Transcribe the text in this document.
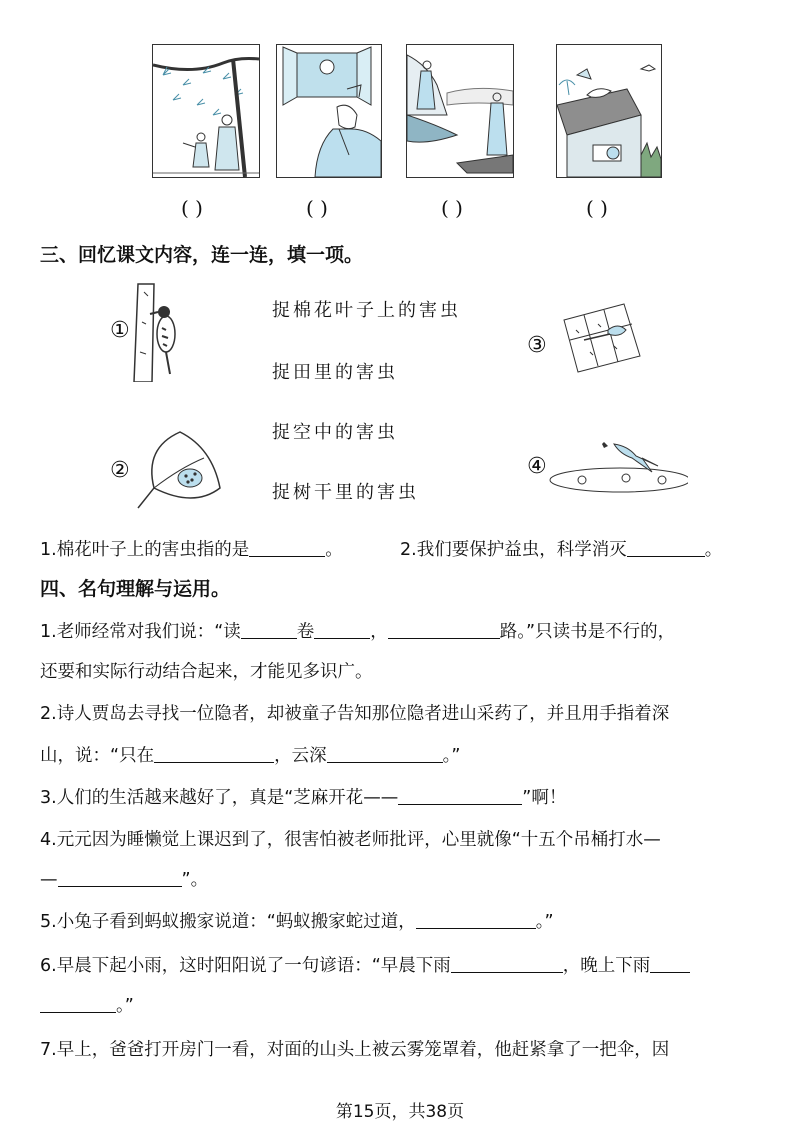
( )	( )	( )	( )
三、回忆课文内容，连一连，填一项。
①
②
捉棉花叶子上的害虫
捉田里的害虫
捉空中的害虫
捉树干里的害虫
③
④
1.棉花叶子上的害虫指的是	。	2.我们要保护益虫，科学消灭	。
四、名句理解与运用。
1.老师经常对我们说：“读	卷	，	路。”只读书是不行的，
还要和实际行动结合起来，才能见多识广。
2.诗人贾岛去寻找一位隐者，却被童子告知那位隐者进山采药了，并且用手指着深
山，说：“只在	，云深	。”
3.人们的生活越来越好了，真是“芝麻开花——	”啊！
4.元元因为睡懒觉上课迟到了，很害怕被老师批评，心里就像“十五个吊桶打水—
—	”。
5.小兔子看到蚂蚁搬家说道：“蚂蚁搬家蛇过道，	。”
6.早晨下起小雨，这时阳阳说了一句谚语：“早晨下雨	，晚上下雨
。”
7.早上，爸爸打开房门一看，对面的山头上被云雾笼罩着，他赶紧拿了一把伞，因
第15页，共38页
